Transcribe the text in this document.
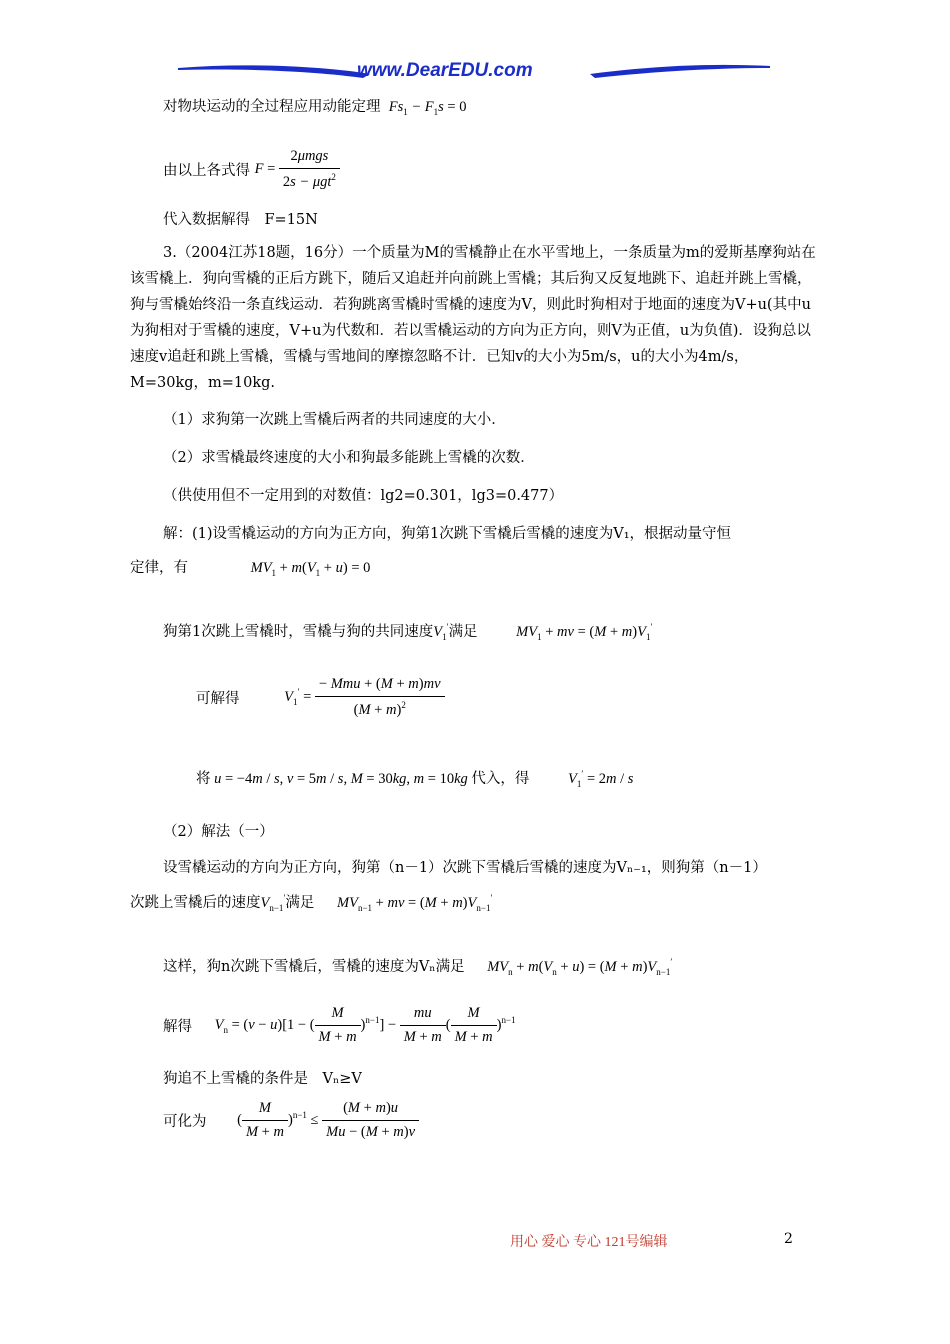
www.DearEDU.com
对物块运动的全过程应用动能定理  $Fs_1 - F_1s = 0$
由以上各式得 $F = \frac{\text{2μmgs}}{2s - \mu gt^2}$
代入数据解得　F=15N
3.（2004江苏18题，16分）一个质量为M的雪橇静止在水平雪地上，一条质量为m的爱斯基摩狗站在该雪橇上．狗向雪橇的正后方跳下，随后又追赶并向前跳上雪橇；其后狗又反复地跳下、追赶并跳上雪橇，狗与雪橇始终沿一条直线运动．若狗跳离雪橇时雪橇的速度为V，则此时狗相对于地面的速度为V+u(其中u为狗相对于雪橇的速度，V+u为代数和．若以雪橇运动的方向为正方向，则V为正值，u为负值)．设狗总以速度v追赶和跳上雪橇，雪橇与雪地间的摩擦忽略不计．已知v的大小为5m/s，u的大小为4m/s，M=30kg，m=10kg.
（1）求狗第一次跳上雪橇后两者的共同速度的大小．
（2）求雪橇最终速度的大小和狗最多能跳上雪橇的次数．
（供使用但不一定用到的对数值：lg2=0.301，lg3=0.477）
解：(1)设雪橇运动的方向为正方向，狗第1次跳下雪橇后雪橇的速度为V₁，根据动量守恒
定律，有	$MV_1 + m(V_1 + u) = 0$
狗第1次跳上雪橇时，雪橇与狗的共同速度$V_1'$满足	$MV_1$ + mv = $(M + m)V_1'$
可解得	$V_1' = \frac{\text{− Mmu + (M + m)mv}}{(M + m)^2}$
将 u = −4m / s, v = 5m / s, M = 30kg, m = 10kg 代入，得	$V_1' = 2m / s$
（2）解法（一）
设雪橇运动的方向为正方向，狗第（n－1）次跳下雪橇后雪橇的速度为Vₙ₋₁，则狗第（n－1）
次跳上雪橇后的速度$V_{n-1}'$满足 $MV_{n-1}$ + mv = $(M + m)V_{n-1}'$
这样，狗n次跳下雪橇后，雪橇的速度为Vₙ满足 $MV_n + m(V_n + u) = (M + m)V_{n-1}'$
解得 $V_n = (v - u)[1$ − ( $\frac{M}{M + m} )^{n-1}] - \frac{mu}{M + m}$ ( $\frac{M}{M + m} )^{n-1}$
狗追不上雪橇的条件是　Vₙ≥V
可化为 ( $\frac{M}{M + m} )^{n-1} \le \frac{(M + m)u}{Mu - (M + m)v}$
用心 爱心 专心 121号编辑	2
